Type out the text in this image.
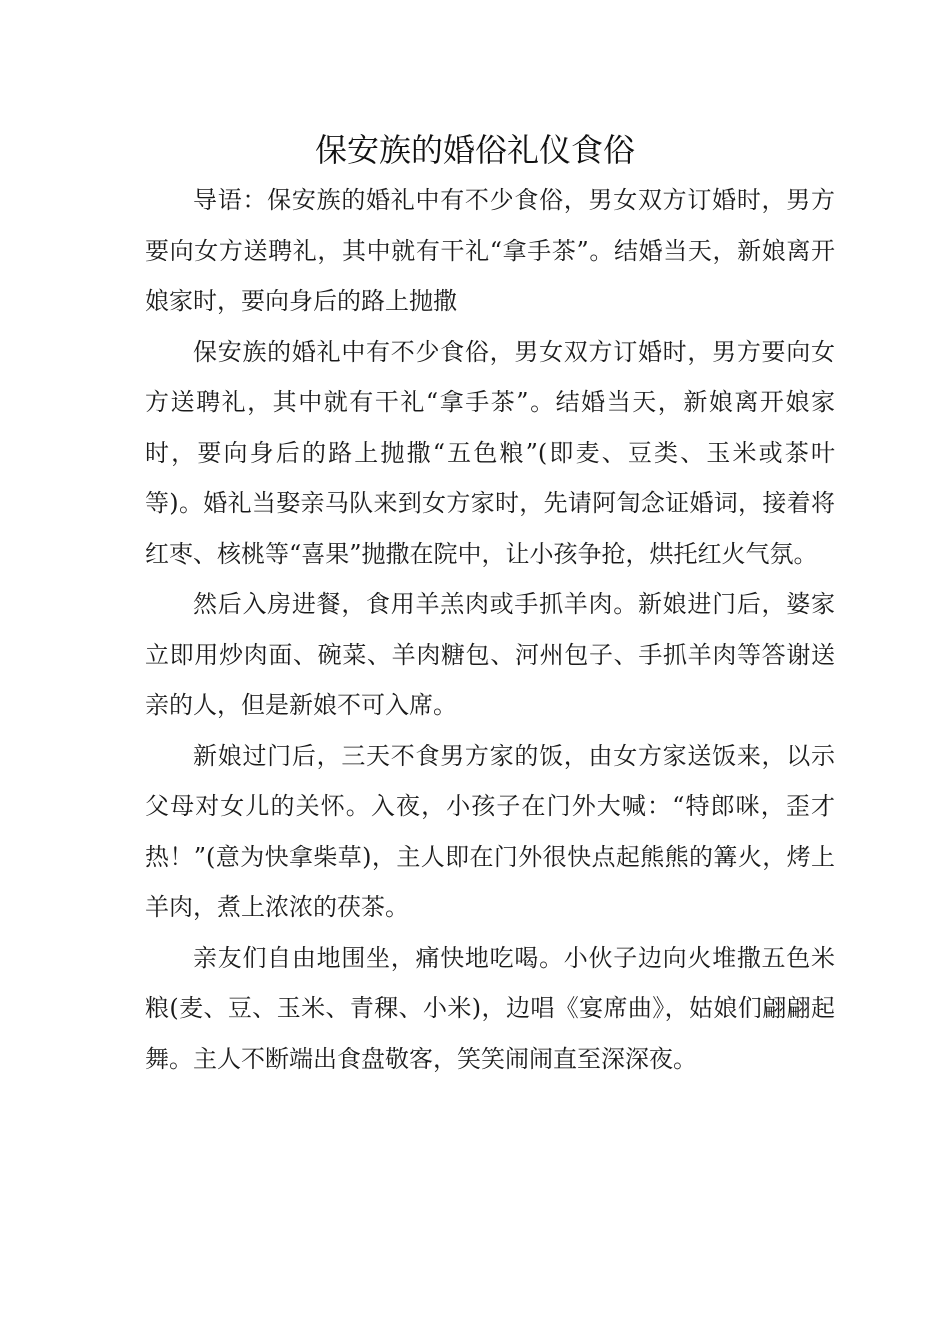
保安族的婚俗礼仪食俗

导语：保安族的婚礼中有不少食俗，男女双方订婚时，男方要向女方送聘礼，其中就有干礼“拿手茶”。结婚当天，新娘离开娘家时，要向身后的路上抛撒

保安族的婚礼中有不少食俗，男女双方订婚时，男方要向女方送聘礼，其中就有干礼“拿手茶”。结婚当天，新娘离开娘家时，要向身后的路上抛撒“五色粮”(即麦、豆类、玉米或茶叶等)。婚礼当娶亲马队来到女方家时，先请阿訇念证婚词，接着将红枣、核桃等“喜果”抛撒在院中，让小孩争抢，烘托红火气氛。

然后入房进餐，食用羊羔肉或手抓羊肉。新娘进门后，婆家立即用炒肉面、碗菜、羊肉糖包、河州包子、手抓羊肉等答谢送亲的人，但是新娘不可入席。

新娘过门后，三天不食男方家的饭，由女方家送饭来，以示父母对女儿的关怀。入夜，小孩子在门外大喊：“特郎咪，歪才热！”(意为快拿柴草)，主人即在门外很快点起熊熊的篝火，烤上羊肉，煮上浓浓的茯茶。

亲友们自由地围坐，痛快地吃喝。小伙子边向火堆撒五色米粮(麦、豆、玉米、青稞、小米)，边唱《宴席曲》，姑娘们翩翩起舞。主人不断端出食盘敬客，笑笑闹闹直至深深夜。
